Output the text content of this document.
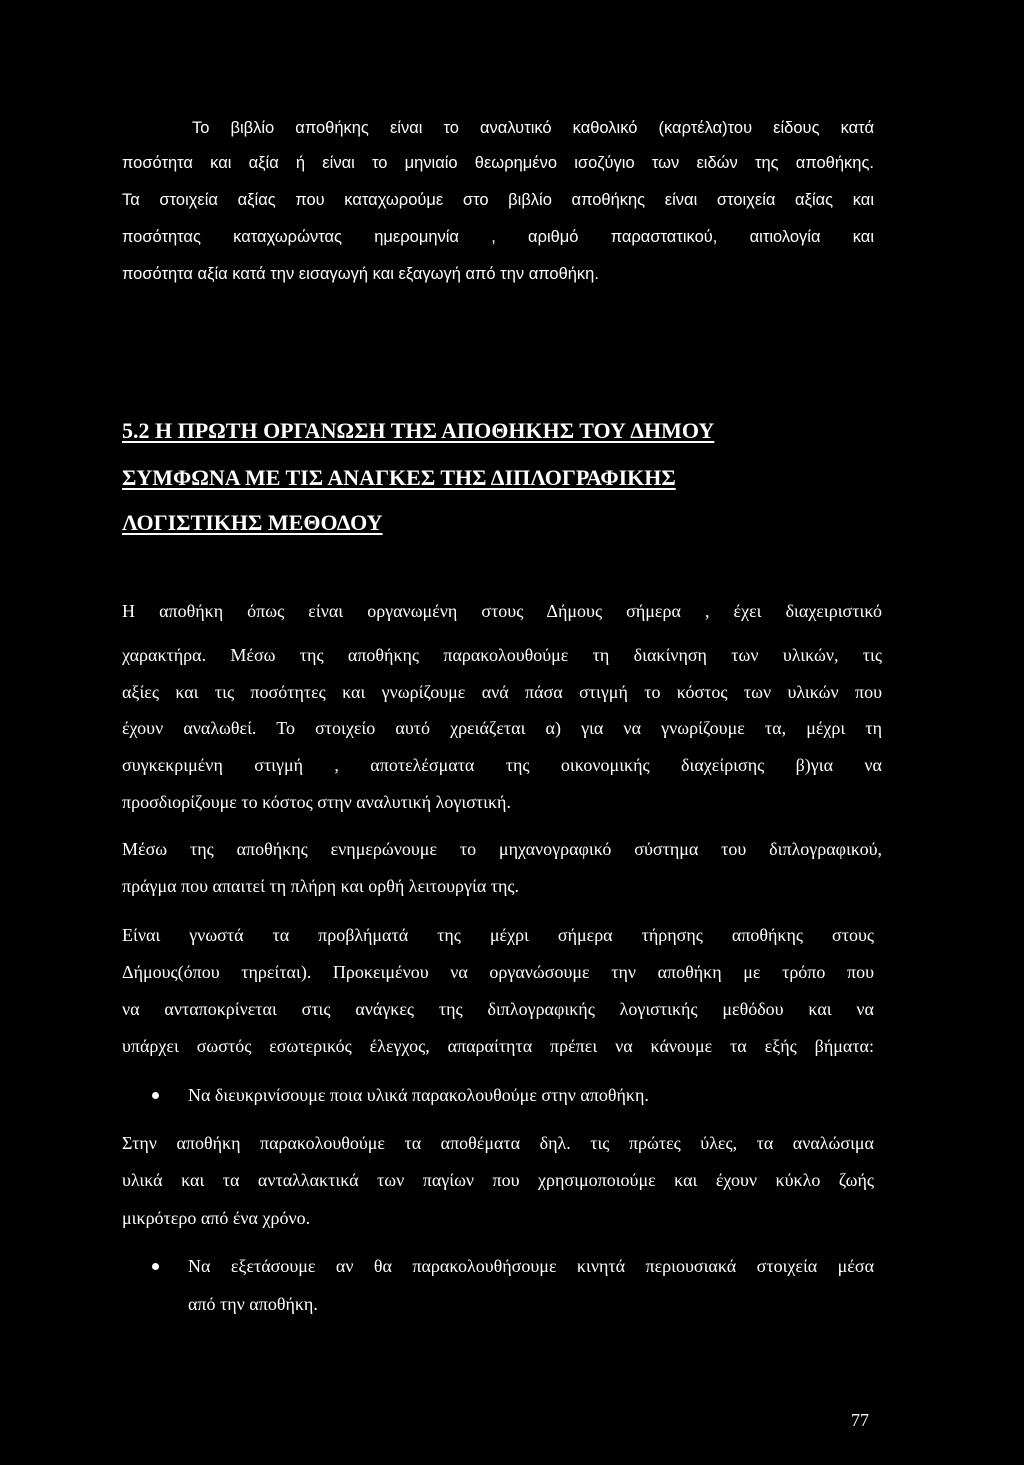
Το βιβλίο αποθήκης είναι το αναλυτικό καθολικό (καρτέλα)του είδους κατά
ποσότητα και αξία ή είναι το μηνιαίο θεωρημένο ισοζύγιο των ειδών της αποθήκης.
Τα στοιχεία αξίας που καταχωρούμε στο βιβλίο αποθήκης είναι στοιχεία αξίας και
ποσότητας καταχωρώντας ημερομηνία , αριθμό παραστατικού, αιτιολογία και
ποσότητα αξία κατά την εισαγωγή και εξαγωγή από την αποθήκη.
5.2 Η ΠΡΩΤΗ ΟΡΓΑΝΩΣΗ ΤΗΣ ΑΠΟΘΗΚΗΣ ΤΟΥ ΔΗΜΟΥ
ΣΥΜΦΩΝΑ ΜΕ ΤΙΣ ΑΝΑΓΚΕΣ ΤΗΣ ΔΙΠΛΟΓΡΑΦΙΚΗΣ
ΛΟΓΙΣΤΙΚΗΣ ΜΕΘΟΔΟΥ
Η αποθήκη όπως είναι οργανωμένη στους Δήμους σήμερα , έχει διαχειριστικό
χαρακτήρα. Μέσω της αποθήκης παρακολουθούμε τη διακίνηση των υλικών, τις
αξίες και τις ποσότητες και γνωρίζουμε ανά πάσα στιγμή το κόστος των υλικών που
έχουν αναλωθεί. Το στοιχείο αυτό χρειάζεται α) για να γνωρίζουμε τα, μέχρι τη
συγκεκριμένη στιγμή , αποτελέσματα της οικονομικής διαχείρισης β)για να
προσδιορίζουμε το κόστος στην αναλυτική λογιστική.
Μέσω της αποθήκης ενημερώνουμε το μηχανογραφικό σύστημα του διπλογραφικού,
πράγμα που απαιτεί τη πλήρη και ορθή λειτουργία της.
Είναι γνωστά τα προβλήματά της μέχρι σήμερα τήρησης αποθήκης στους
Δήμους(όπου τηρείται). Προκειμένου να οργανώσουμε την αποθήκη με τρόπο που
να ανταποκρίνεται στις ανάγκες της διπλογραφικής λογιστικής μεθόδου και να
υπάρχει σωστός εσωτερικός έλεγχος, απαραίτητα πρέπει να κάνουμε τα εξής βήματα:
Να διευκρινίσουμε ποια υλικά παρακολουθούμε στην αποθήκη.
Στην αποθήκη παρακολουθούμε τα αποθέματα δηλ. τις πρώτες ύλες, τα αναλώσιμα
υλικά και τα ανταλλακτικά των παγίων που χρησιμοποιούμε και έχουν κύκλο ζωής
μικρότερο από ένα χρόνο.
Να εξετάσουμε αν θα παρακολουθήσουμε κινητά περιουσιακά στοιχεία μέσα
από την αποθήκη.
77
